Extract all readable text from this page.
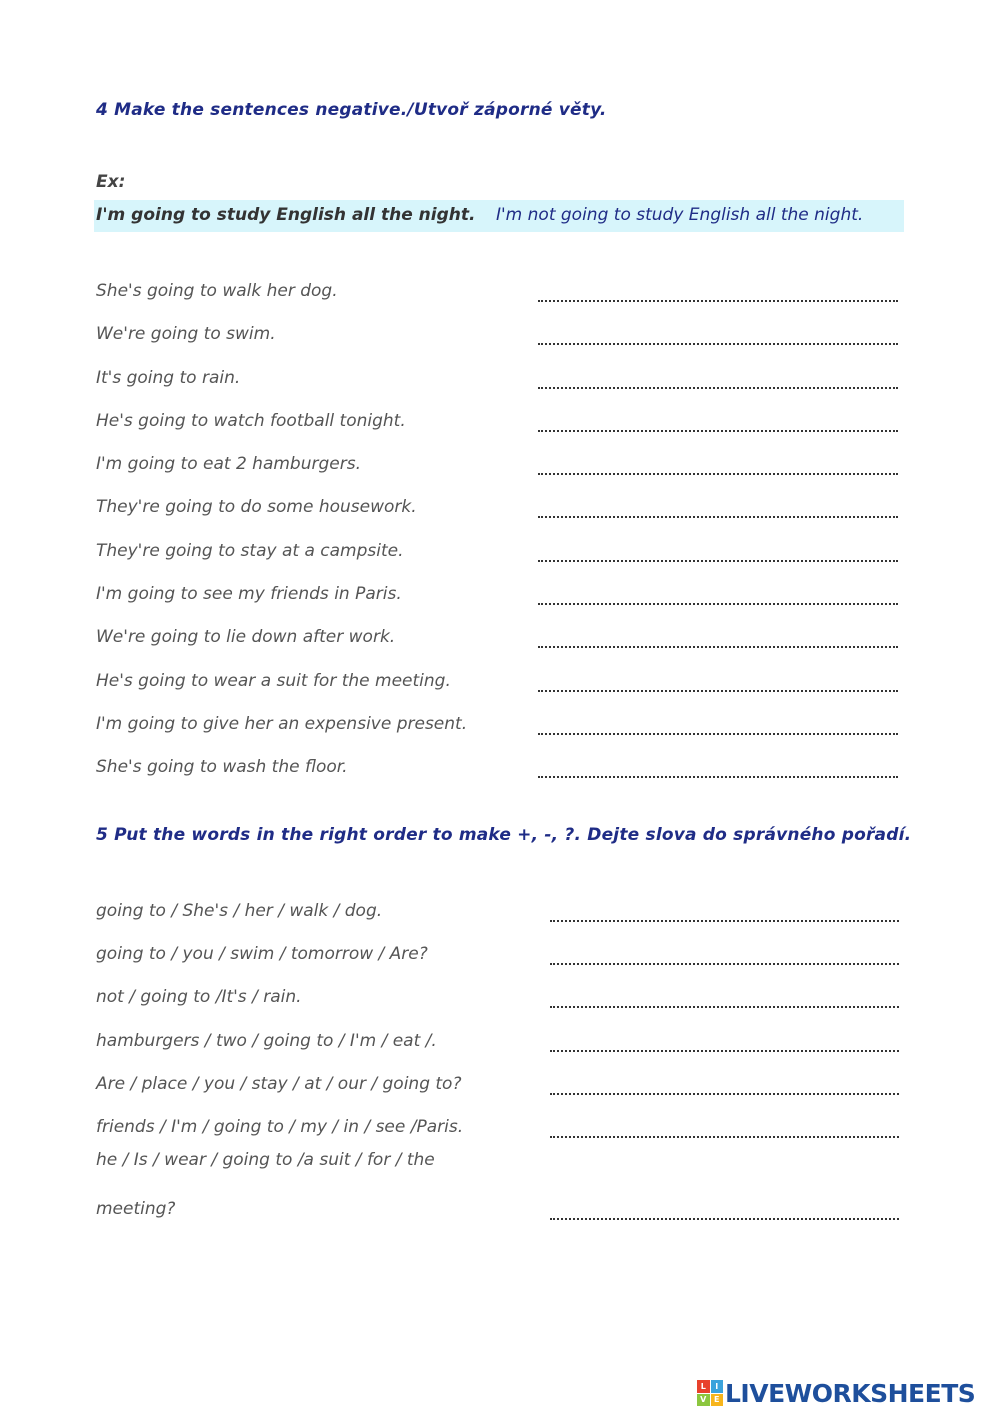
4 Make the sentences negative./Utvoř záporné věty.
Ex:
I'm going to study English all the night. I'm not going to study English all the night.
She's going to walk her dog.
We're going to swim.
It's going to rain.
He's going to watch football tonight.
I'm going to eat 2 hamburgers.
They're going to do some housework.
They're going to stay at a campsite.
I'm going to see my friends in Paris.
We're going to lie down after work.
He's going to wear a suit for the meeting.
I'm going to give her an expensive present.
She's going to wash the floor.
5 Put the words in the right order to make +, -, ?. Dejte slova do správného pořadí.
going to / She's / her / walk / dog.
going to / you / swim / tomorrow / Are?
not / going to /It's / rain.
hamburgers / two / going to / I'm / eat /.
Are / place / you / stay / at / our / going to?
friends / I'm / going to / my / in / see /Paris.
he / Is / wear / going to /a suit / for / the
meeting?
L	I
V E LIVEWORKSHEETS
